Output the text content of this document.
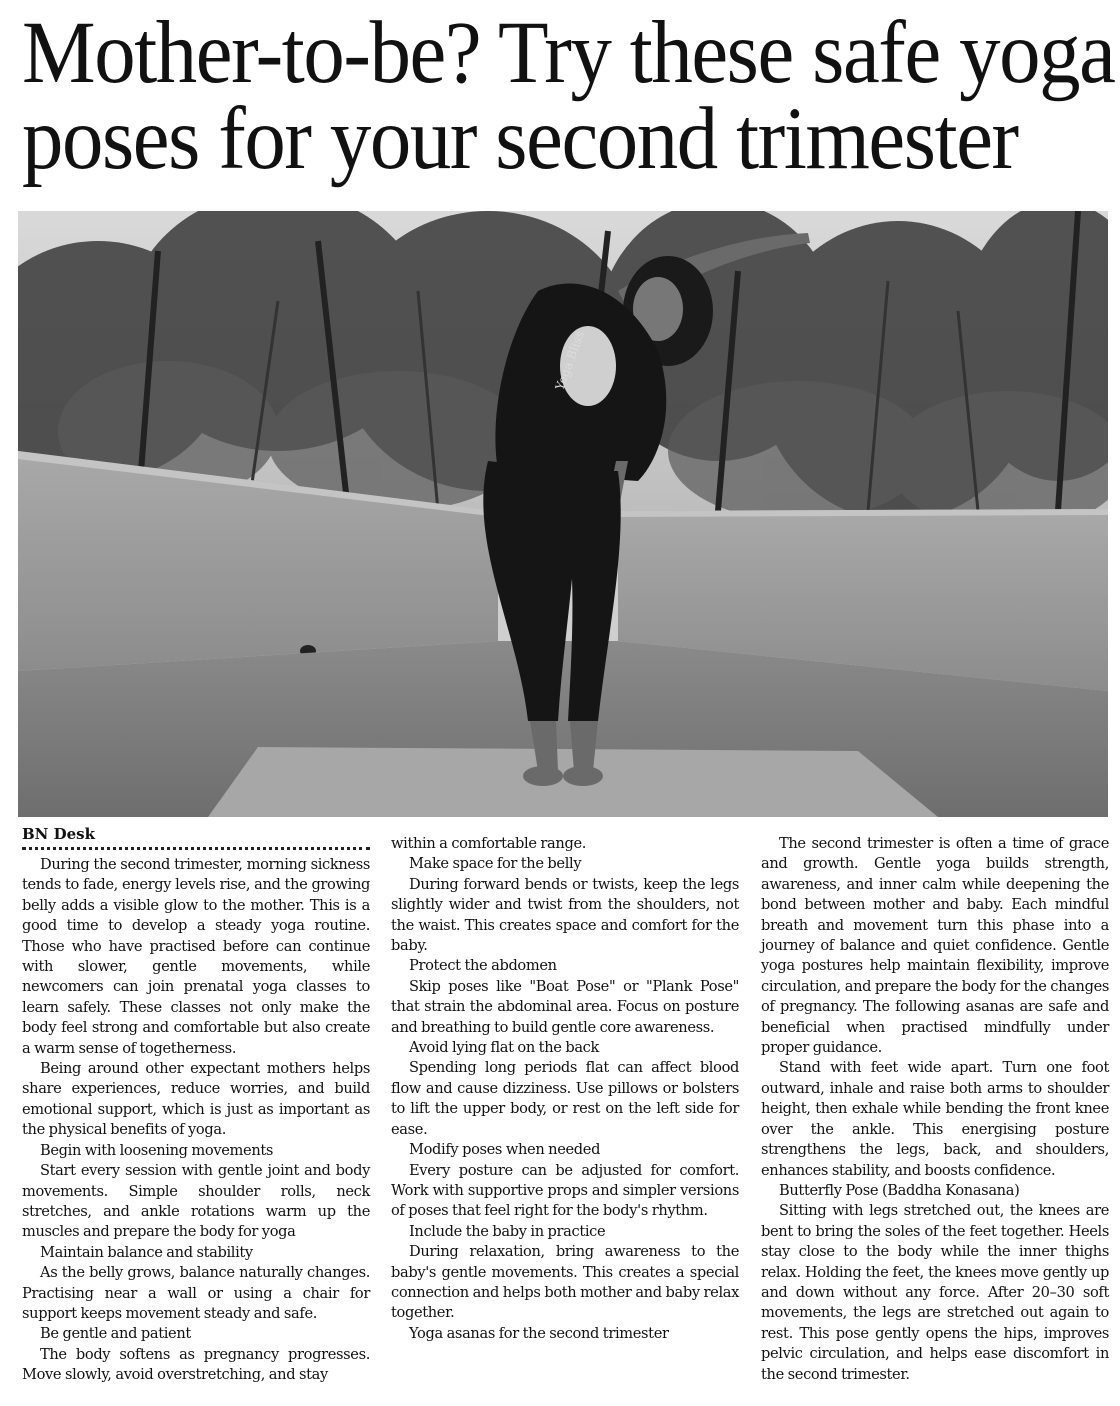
Mother-to-be? Try these safe yoga
poses for your second trimester
Yoga Bliss
BN Desk

During the second trimester, morning sickness tends to fade, energy levels rise, and the growing belly adds a visible glow to the mother. This is a good time to develop a steady yoga routine. Those who have practised before can continue with slower, gentle movements, while newcomers can join prenatal yoga classes to learn safely. These classes not only make the body feel strong and comfortable but also create a warm sense of togetherness.

Being around other expectant mothers helps share experiences, reduce worries, and build emotional support, which is just as important as the physical benefits of yoga.

Begin with loosening movements

Start every session with gentle joint and body movements. Simple shoulder rolls, neck stretches, and ankle rotations warm up the muscles and prepare the body for yoga

Maintain balance and stability

As the belly grows, balance naturally changes. Practising near a wall or using a chair for support keeps movement steady and safe.

Be gentle and patient

The body softens as pregnancy progresses. Move slowly, avoid overstretching, and stay

within a comfortable range.

Make space for the belly

During forward bends or twists, keep the legs slightly wider and twist from the shoulders, not the waist. This creates space and comfort for the baby.

Protect the abdomen

Skip poses like "Boat Pose" or "Plank Pose" that strain the abdominal area. Focus on posture and breathing to build gentle core awareness.

Avoid lying flat on the back

Spending long periods flat can affect blood flow and cause dizziness. Use pillows or bolsters to lift the upper body, or rest on the left side for ease.

Modify poses when needed

Every posture can be adjusted for comfort. Work with supportive props and simpler versions of poses that feel right for the body's rhythm.

Include the baby in practice

During relaxation, bring awareness to the baby's gentle movements. This creates a special connection and helps both mother and baby relax together.

Yoga asanas for the second trimester

The second trimester is often a time of grace and growth. Gentle yoga builds strength, awareness, and inner calm while deepening the bond between mother and baby. Each mindful breath and movement turn this phase into a journey of balance and quiet confidence. Gentle yoga postures help maintain flexibility, improve circulation, and prepare the body for the changes of pregnancy. The following asanas are safe and beneficial when practised mindfully under proper guidance.

Stand with feet wide apart. Turn one foot outward, inhale and raise both arms to shoulder height, then exhale while bending the front knee over the ankle. This energising posture strengthens the legs, back, and shoulders, enhances stability, and boosts confidence.

Butterfly Pose (Baddha Konasana)

Sitting with legs stretched out, the knees are bent to bring the soles of the feet together. Heels stay close to the body while the inner thighs relax. Holding the feet, the knees move gently up and down without any force. After 20–30 soft movements, the legs are stretched out again to rest. This pose gently opens the hips, improves pelvic circulation, and helps ease discomfort in the second trimester.
